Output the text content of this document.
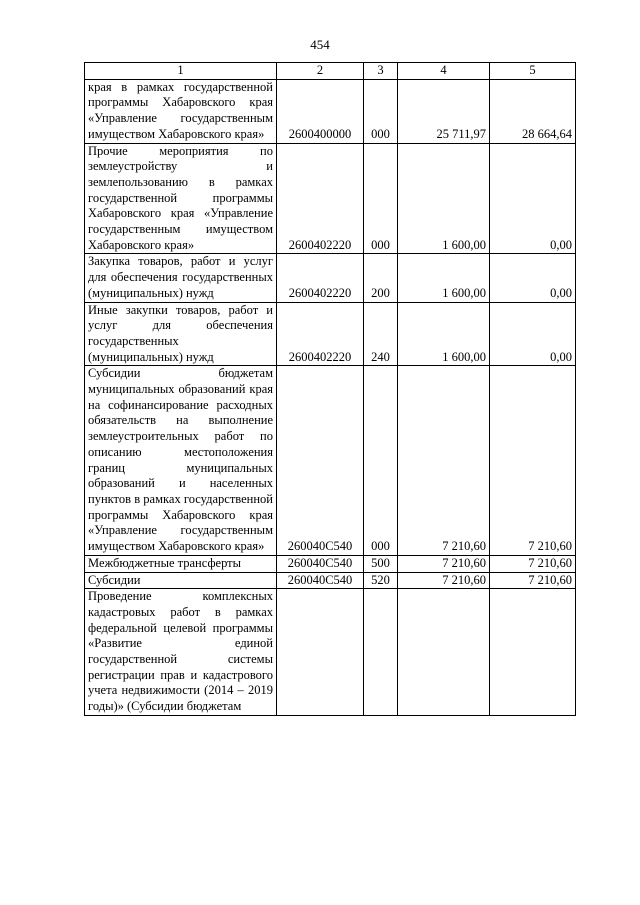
454
1	2	3	4	5
края в рамках государственной программы Хабаровского края «Управление государственным имуществом Хабаровского края»	2600400000	000	25 711,97	28 664,64
Прочие мероприятия по землеустройству и землепользованию в рамках государственной программы Хабаровского края «Управление государственным имуществом Хабаровского края»	2600402220	000	1 600,00	0,00
Закупка товаров, работ и услуг для обеспечения государственных (муниципальных) нужд	2600402220	200	1 600,00	0,00
Иные закупки товаров, работ и услуг для обеспечения государственных (муниципальных) нужд	2600402220	240	1 600,00	0,00
Субсидии бюджетам муниципальных образований края на софинансирование расходных обязательств на выполнение землеустроительных работ по описанию местоположения границ муниципальных образований и населенных пунктов в рамках государственной программы Хабаровского края «Управление государственным имуществом Хабаровского края»	260040С540	000	7 210,60	7 210,60
Межбюджетные трансферты	260040С540	500	7 210,60	7 210,60
Субсидии	260040С540	520	7 210,60	7 210,60
Проведение комплексных кадастровых работ в рамках федеральной целевой программы «Развитие единой государственной системы регистрации прав и кадастрового учета недвижимости (2014 – 2019 годы)» (Субсидии бюджетам				
